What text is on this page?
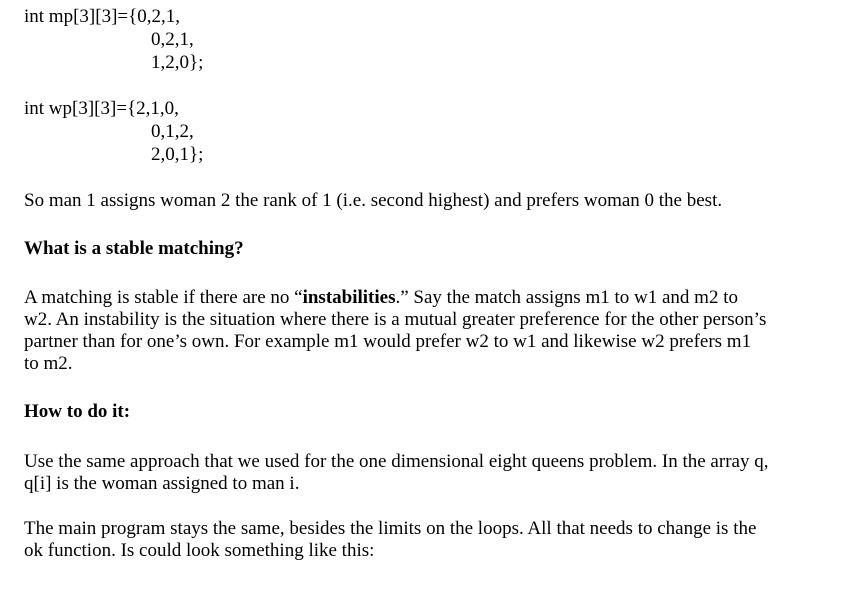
int mp[3][3]={0,2,1,
0,2,1,
1,2,0};
int wp[3][3]={2,1,0,
0,1,2,
2,0,1};
So man 1 assigns woman 2 the rank of 1 (i.e. second highest) and prefers woman 0 the best.
What is a stable matching?
A matching is stable if there are no “instabilities.” Say the match assigns m1 to w1 and m2 to
w2. An instability is the situation where there is a mutual greater preference for the other person’s
partner than for one’s own. For example m1 would prefer w2 to w1 and likewise w2 prefers m1
to m2.
How to do it:
Use the same approach that we used for the one dimensional eight queens problem. In the array q,
q[i] is the woman assigned to man i.
The main program stays the same, besides the limits on the loops. All that needs to change is the
ok function. Is could look something like this:
